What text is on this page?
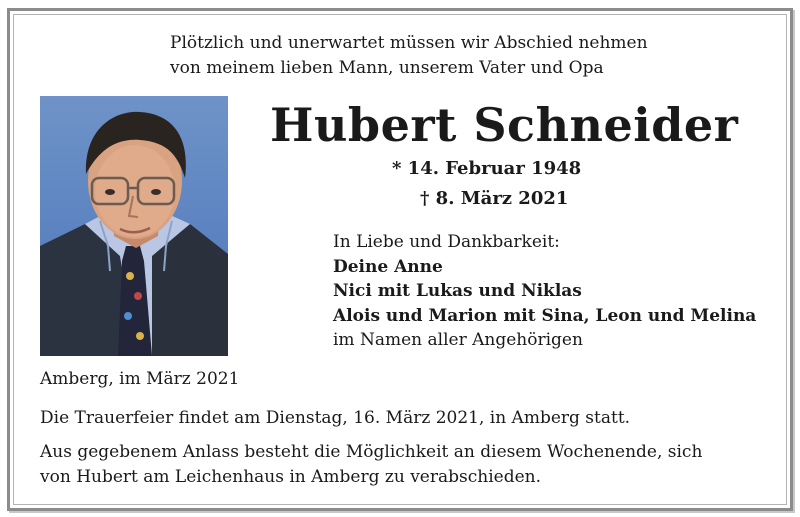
Plötzlich und unerwartet müssen wir Abschied nehmen
von meinem lieben Mann, unserem Vater und Opa
Hubert Schneider
* 14. Februar 1948
† 8. März 2021
In Liebe und Dankbarkeit:
Deine Anne
Nici mit Lukas und Niklas
Alois und Marion mit Sina, Leon und Melina
im Namen aller Angehörigen
Amberg, im März 2021
Die Trauerfeier findet am Dienstag, 16. März 2021, in Amberg statt.
Aus gegebenem Anlass besteht die Möglichkeit an diesem Wochenende, sich
von Hubert am Leichenhaus in Amberg zu verabschieden.
